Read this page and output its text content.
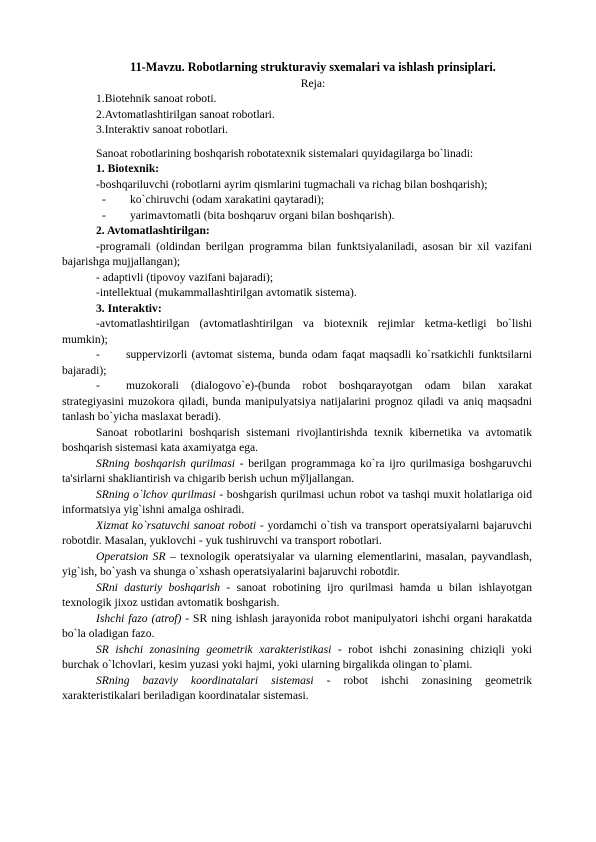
11-Mavzu. Robotlarning strukturaviy sxemalari va ishlash prinsiplari.
Reja:
1.Biotehnik sanoat roboti.
2.Avtomatlashtirilgan sanoat robotlari.
3.Interaktiv sanoat robotlari.

Sanoat robotlarining boshqarish robotatexnik sistemalari quyidagilarga bo`linadi:

1. Biotexnik:

-boshqariluvchi (robotlarni ayrim qismlarini tugmachali va richag bilan boshqarish);

-	ko`chiruvchi (odam xarakatini qaytaradi);
-	yarimavtomatli (bita boshqaruv organi bilan boshqarish).
2. Avtomatlashtirilgan:

-programali (oldindan berilgan programma bilan funktsiyalaniladi, asosan bir xil vazifani bajarishga mujjallangan);

- adaptivli (tipovoy vazifani bajaradi);

-intellektual (mukammallashtirilgan avtomatik sistema).

3. Interaktiv:

-avtomatlashtirilgan (avtomatlashtirilgan va biotexnik rejimlar ketma-ketligi bo`lishi mumkin);

- suppervizorli (avtomat sistema, bunda odam faqat maqsadli ko`rsatkichli funktsilarni bajaradi);

- muzokorali (dialogovo`e)-(bunda robot boshqarayotgan odam bilan xarakat strategiyasini muzokora qiladi, bunda manipulyatsiya natijalarini prognoz qiladi va aniq maqsadni tanlash bo`yicha maslaxat beradi).

Sanoat robotlarini boshqarish sistemani rivojlantirishda texnik kibernetika va avtomatik boshqarish sistemasi kata axamiyatga ega.

SRning boshqarish qurilmasi - berilgan programmaga ko`ra ijro qurilmasiga boshgaruvchi ta'sirlarni shakliantirish va chigarib berish uchun mўljallangan.

SRning o`lchov qurilmasi - boshgarish qurilmasi uchun robot va tashqi muxit holatlariga oid informatsiya yig`ishni amalga oshiradi.

Xizmat ko`rsatuvchi sanoat roboti - yordamchi o`tish va transport operatsiyalarni bajaruvchi robotdir. Masalan, yuklovchi - yuk tushiruvchi va transport robotlari.

Operatsion SR – texnologik operatsiyalar va ularning elementlarini, masalan, payvandlash, yig`ish, bo`yash va shunga o`xshash operatsiyalarini bajaruvchi robotdir.

SRni dasturiy boshqarish - sanoat robotining ijro qurilmasi hamda u bilan ishlayotgan texnologik jixoz ustidan avtomatik boshgarish.

Ishchi fazo (atrof) - SR ning ishlash jarayonida robot manipulyatori ishchi organi harakatda bo`la oladigan fazo.

SR ishchi zonasining geometrik xarakteristikasi - robot ishchi zonasining chiziqli yoki burchak o`lchovlari, kesim yuzasi yoki hajmi, yoki ularning birgalikda olingan to`plami.

SRning bazaviy koordinatalari sistemasi - robot ishchi zonasining geometrik xarakteristikalari beriladigan koordinatalar sistemasi.
